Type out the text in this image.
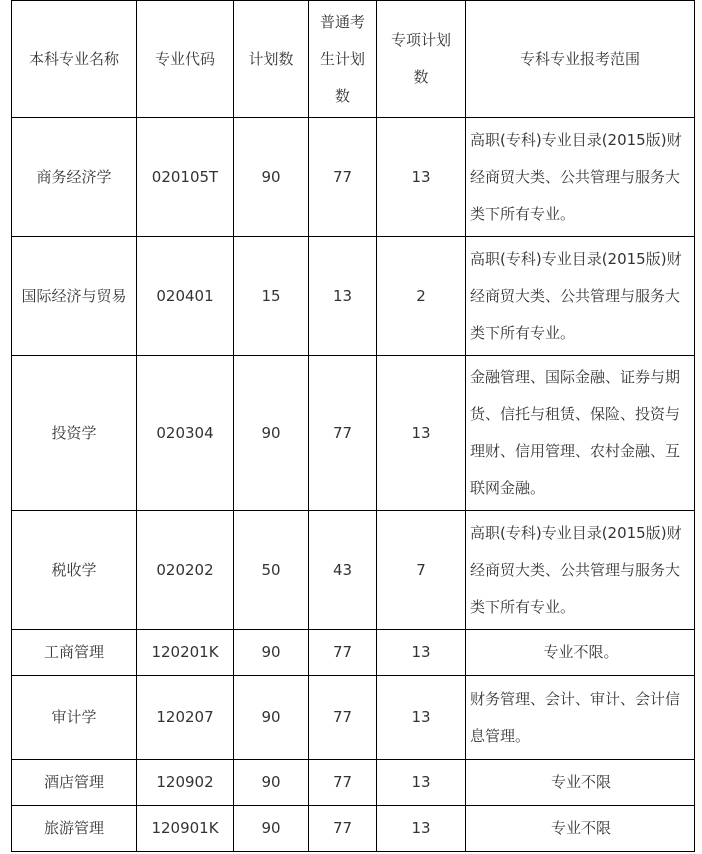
本科专业名称	专业代码	计划数	普通考生计划数	专项计划数	专科专业报考范围
商务经济学	020105T	90	77	13	高职(专科)专业目录(2015版)财经商贸大类、公共管理与服务大类下所有专业。
国际经济与贸易	020401	15	13	2	高职(专科)专业目录(2015版)财经商贸大类、公共管理与服务大类下所有专业。
投资学	020304	90	77	13	金融管理、国际金融、证券与期货、信托与租赁、保险、投资与理财、信用管理、农村金融、互联网金融。
税收学	020202	50	43	7	高职(专科)专业目录(2015版)财经商贸大类、公共管理与服务大类下所有专业。
工商管理	120201K	90	77	13	专业不限。
审计学	120207	90	77	13	财务管理、会计、审计、会计信息管理。
酒店管理	120902	90	77	13	专业不限
旅游管理	120901K	90	77	13	专业不限
